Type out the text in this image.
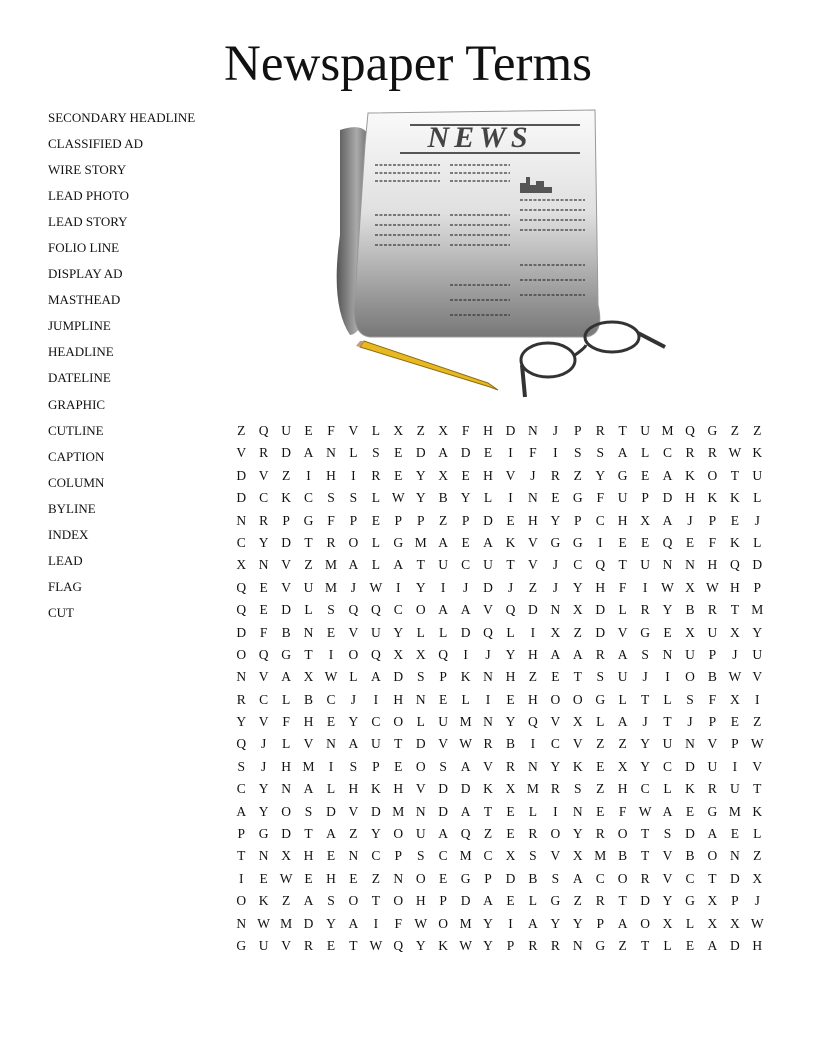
Newspaper Terms
SECONDARY HEADLINE
CLASSIFIED AD
WIRE STORY
LEAD PHOTO
LEAD STORY
FOLIO LINE
DISPLAY AD
MASTHEAD
JUMPLINE
HEADLINE
DATELINE
GRAPHIC
CUTLINE
CAPTION
COLUMN
BYLINE
INDEX
LEAD
FLAG
CUT
NEWS
Z Q U E	F	V L X Z X	F	H D N	J	P	R	T U M Q G Z	Z
V R D A N L	S	E D A D E	I	F	I	S	S	A L	C R R W K
D V Z	I	H	I	R	E Y X E H V	J	R	Z Y G E A K O T U
D C K C	S	S	L W Y B Y L	I	N E G	F	U	P	D H K K L
N R	P	G	F	P	E	P	P	Z	P	D E H Y	P	C H X A	J	P	E	J
C Y D T	R O L G M A E A K V G G	I	E	E Q E	F	K L
X N V Z M A L A T U C U T V	J	C Q T U N N H Q D
Q E V U M	J W	I	Y	I	J	D	J	Z	J	Y H	F	I	W X W H	P
Q E D L	S	Q Q C O A A V Q D N X D L	R Y B R	T M
D	F	B N E V U Y L	L D Q L	I	X Z D V G E X U X Y
O Q G T	I	O Q X X Q	I	J	Y H A A R A	S	N U	P	J	U
N V A X W L A D	S	P	K N H Z	E	T	S	U	J	I	O B W V
R C	L	B C	J	I	H N E	L	I	E H O O G L	T	L	S	F	X	I
Y V	F	H E Y C O L U M N Y Q V X L A	J	T	J	P	E	Z
Q	J	L V N A U T D V W R B	I	C V Z	Z Y U N V	P W
S	J	H M	I	S	P	E O	S	A V R N Y K E X Y C D U	I	V
C Y N A L H K H V D D K X M R	S	Z H C	L K R U T
A Y O	S	D V D M N D A T	E	L	I	N E	F W A E G M K
P	G D T A Z Y O U A Q Z	E	R O Y R O T	S	D A E	L
T N X H E N C	P	S	C M C X	S	V X M B	T V B O N Z
I	E W E H E	Z N O E G	P	D B	S	A C O R V C	T D X
O K Z A	S	O T O H	P	D A E	L G Z	R	T D Y G X	P	J
N W M D Y A	I	F W O M Y	I	A Y Y	P	A O X L X X W
G U V R	E	T W Q Y K W Y	P	R R N G Z	T	L	E A D H
